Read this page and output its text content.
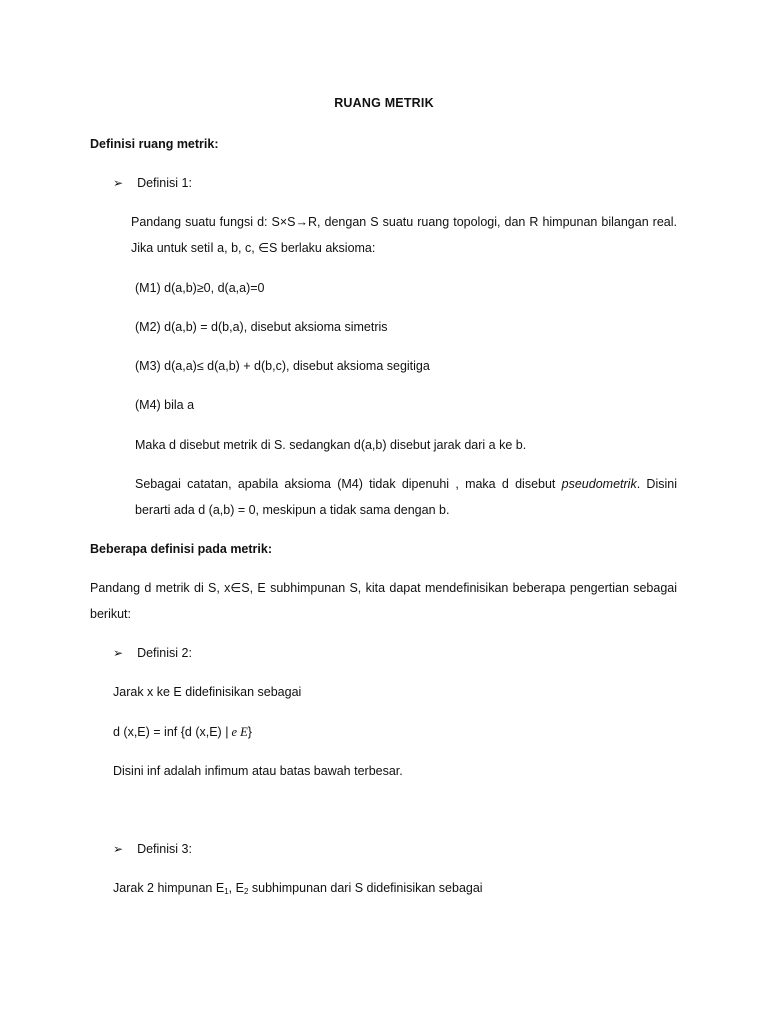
RUANG METRIK
Definisi ruang metrik:
➢ Definisi 1:
Pandang suatu fungsi d: S×S→R, dengan S suatu ruang topologi, dan R himpunan bilangan real.
Jika untuk setiا a, b, c, ∈S berlaku aksioma:
(M1) d(a,b)≥0, d(a,a)=0
(M2) d(a,b) = d(b,a), disebut aksioma simetris
(M3) d(a,a)≤ d(a,b) + d(b,c), disebut aksioma segitiga
(M4) bila a
Maka d disebut metrik di S. sedangkan d(a,b) disebut jarak dari a ke b.
Sebagai catatan, apabila aksioma (M4) tidak dipenuhi , maka d disebut pseudometrik. Disini
berarti ada d (a,b) = 0, meskipun a tidak sama dengan b.
Beberapa definisi pada metrik:
Pandang d metrik di S, x∈S, E subhimpunan S, kita dapat mendefinisikan beberapa pengertian sebagai
berikut:
➢ Definisi 2:
Jarak x ke E didefinisikan sebagai
d (x,E) = inf {d (x,E) | e E}
Disini inf adalah infimum atau batas bawah terbesar.
➢ Definisi 3:
Jarak 2 himpunan $E_1$, $E_2$ subhimpunan dari S didefinisikan sebagai
